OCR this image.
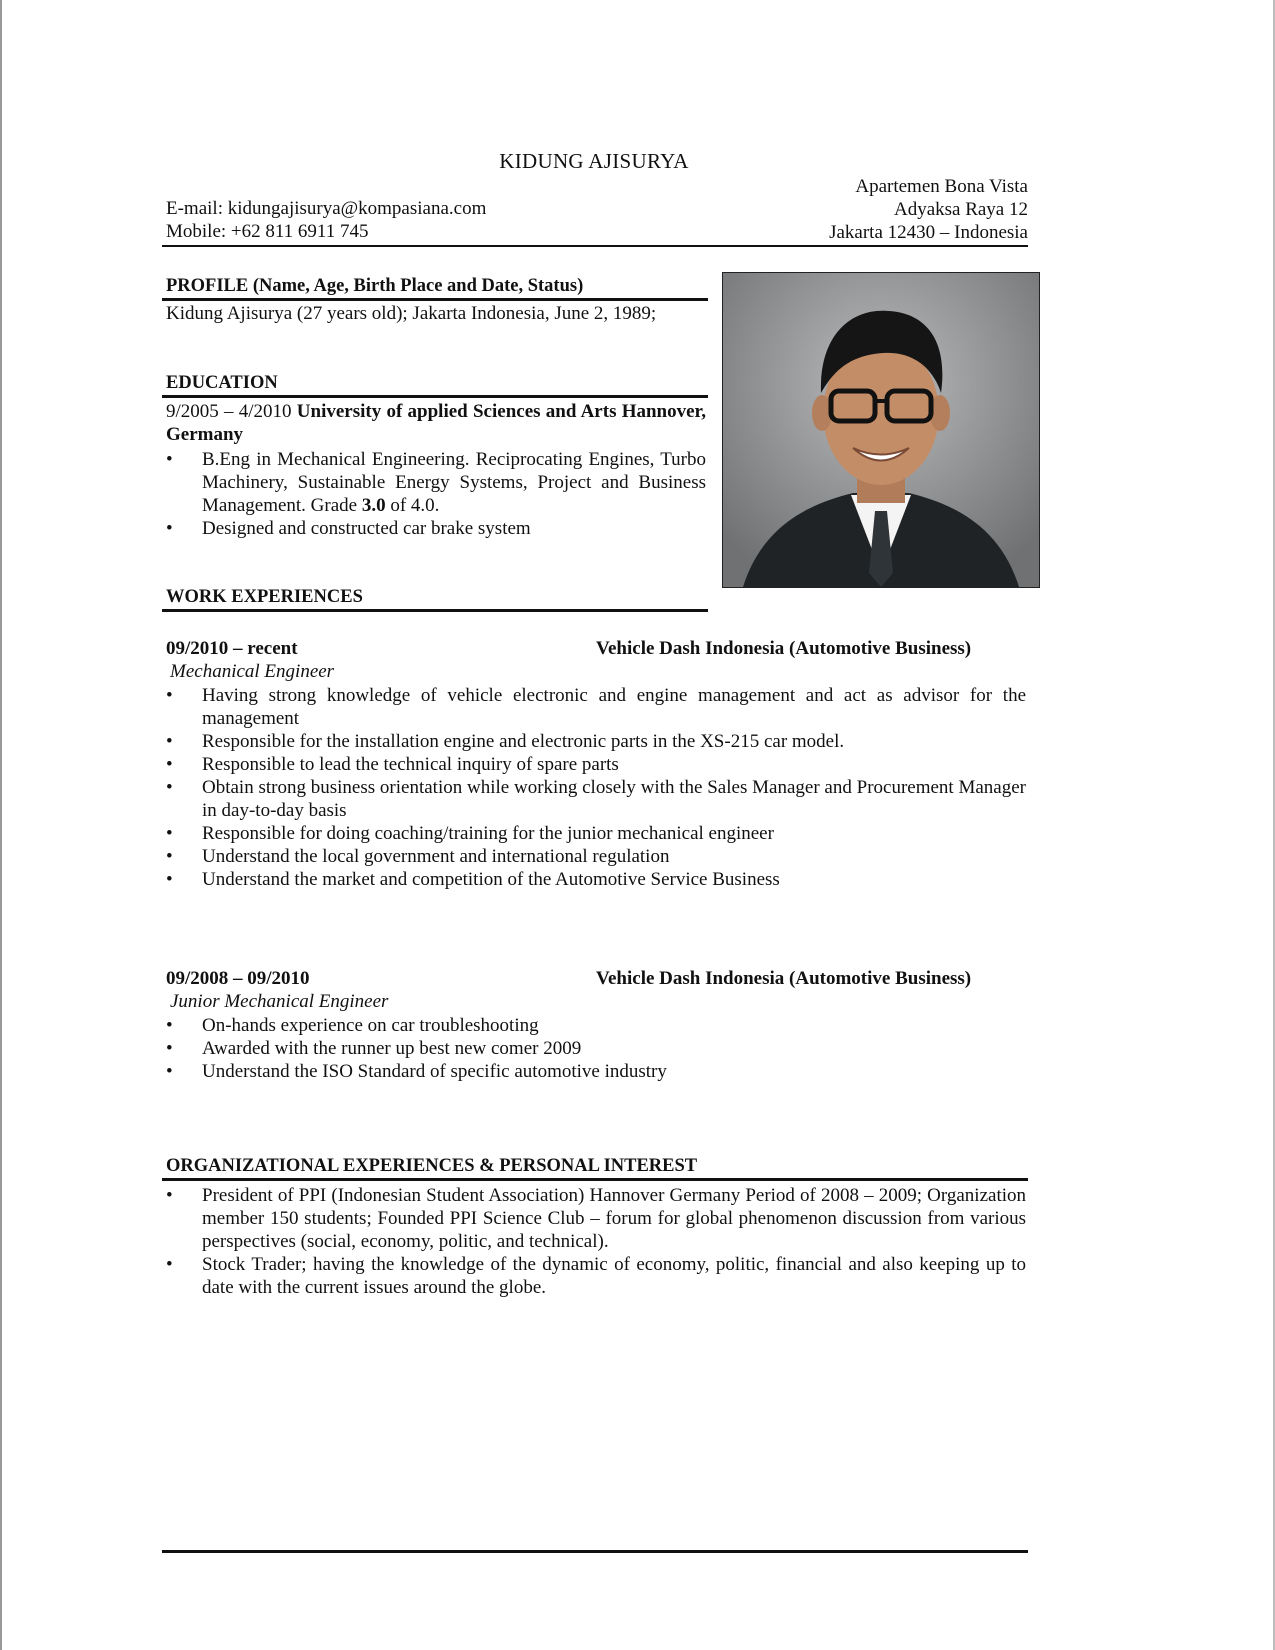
KIDUNG AJISURYA
E-mail: kidungajisurya@kompasiana.com
Mobile: +62 811 6911 745
Apartemen Bona Vista
Adyaksa Raya 12
Jakarta 12430 – Indonesia
PROFILE (Name, Age, Birth Place and Date, Status)
Kidung Ajisurya (27 years old); Jakarta Indonesia, June 2, 1989;
EDUCATION
9/2005 – 4/2010 University of applied Sciences and Arts Hannover, Germany
• B.Eng in Mechanical Engineering. Reciprocating Engines, Turbo Machinery, Sustainable Energy Systems, Project and Business Management. Grade 3.0 of 4.0.
• Designed and constructed car brake system
WORK EXPERIENCES
09/2010 – recent	Vehicle Dash Indonesia (Automotive Business)
Mechanical Engineer
• Having strong knowledge of vehicle electronic and engine management and act as advisor for the management
• Responsible for the installation engine and electronic parts in the XS-215 car model.
• Responsible to lead the technical inquiry of spare parts
• Obtain strong business orientation while working closely with the Sales Manager and Procurement Manager in day-to-day basis
• Responsible for doing coaching/training for the junior mechanical engineer
• Understand the local government and international regulation
• Understand the market and competition of the Automotive Service Business
09/2008 – 09/2010	Vehicle Dash Indonesia (Automotive Business)
Junior Mechanical Engineer
• On-hands experience on car troubleshooting
• Awarded with the runner up best new comer 2009
• Understand the ISO Standard of specific automotive industry
ORGANIZATIONAL EXPERIENCES & PERSONAL INTEREST
• President of PPI (Indonesian Student Association) Hannover Germany Period of 2008 – 2009; Organization member 150 students; Founded PPI Science Club – forum for global phenomenon discussion from various perspectives (social, economy, politic, and technical).
• Stock Trader; having the knowledge of the dynamic of economy, politic, financial and also keeping up to date with the current issues around the globe.
